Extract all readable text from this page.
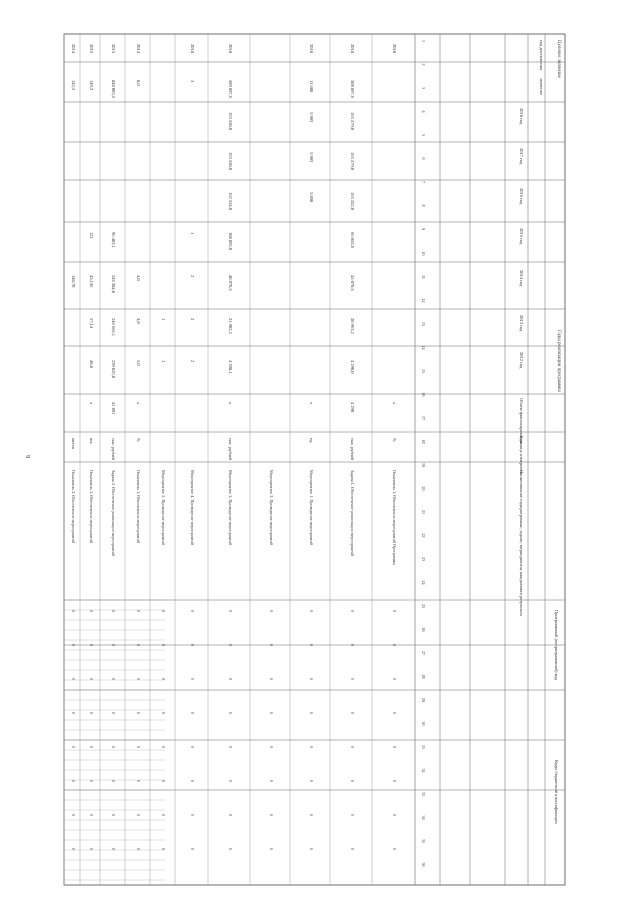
9
Целевое значение
Годы реализации программы
год достижения
значение
2018 год
2017 год
2016 год
2015 год
2014 год
2013 год
2012 год
Объем финансирования
Единица измерения
Наименование подпрограммы, задачи, мероприятия, ожидаемого результата
Программный (непрограммный) код
Коды бюджетной классификации
1
2
3
4
5
6
7
8
9
10
11
12
13
14
15
16
17
18
19
20
21
22
23
24
25
26
27
28
29
30
31
32
33
34
35
36
2018
х
%
Показатель 1. Обеспечение мероприятий Программы
0
0
0
0
0
0
0
0
2018
508 897,6
163 579,0
163 579,0
163 352,0
66 053,8
45 070,6
20 963,2
4 290,0
4 290
тыс. рублей
Задача 1. Обеспечение реализации мероприятий
0
0
0
0
0
0
0
0
2018
11 688
5 903
5 903
5 898
х
ед.
Мероприятие 1. Проведение мероприятий
0
0
0
0
0
0
0
0
Мероприятие 2. Проведение мероприятий
0
0
0
0
0
0
0
0
2018
589 897,6
163 550,0
163 550,0
162 534,0
108 892,0
40 070,6
21 902,2
4 398,1
х
тыс. рублей
Мероприятие 3. Проведение мероприятий
0
0
0
0
0
0
0
0
2018
3
1
2
2
2
Мероприятие 4. Проведение мероприятий
0
0
0
0
0
0
0
0
1
1
Мероприятие 5. Проведение мероприятий
0
0
0
0
0
0
0
0
2014
8,0
4,0
4,0
5,0
х
%
Показатель 1. Обеспечение мероприятий
0
0
0
0
0
0
0
0
2015
848 003,5
96 403,1
246 384,0
246 666,1
239 026,0
41 891
тыс. рублей
Задача 2. Обеспечение реализации мероприятий
0
0
0
0
0
0
0
0
2015
149,3
121
45,156
57,14
48,8
х
шт.
Показатель 1. Обеспечение мероприятий
0
0
0
0
0
0
0
0
2014
142,5
140,70
место
Показатель 2. Обеспечение мероприятий
0
0
0
0
0
0
0
0
